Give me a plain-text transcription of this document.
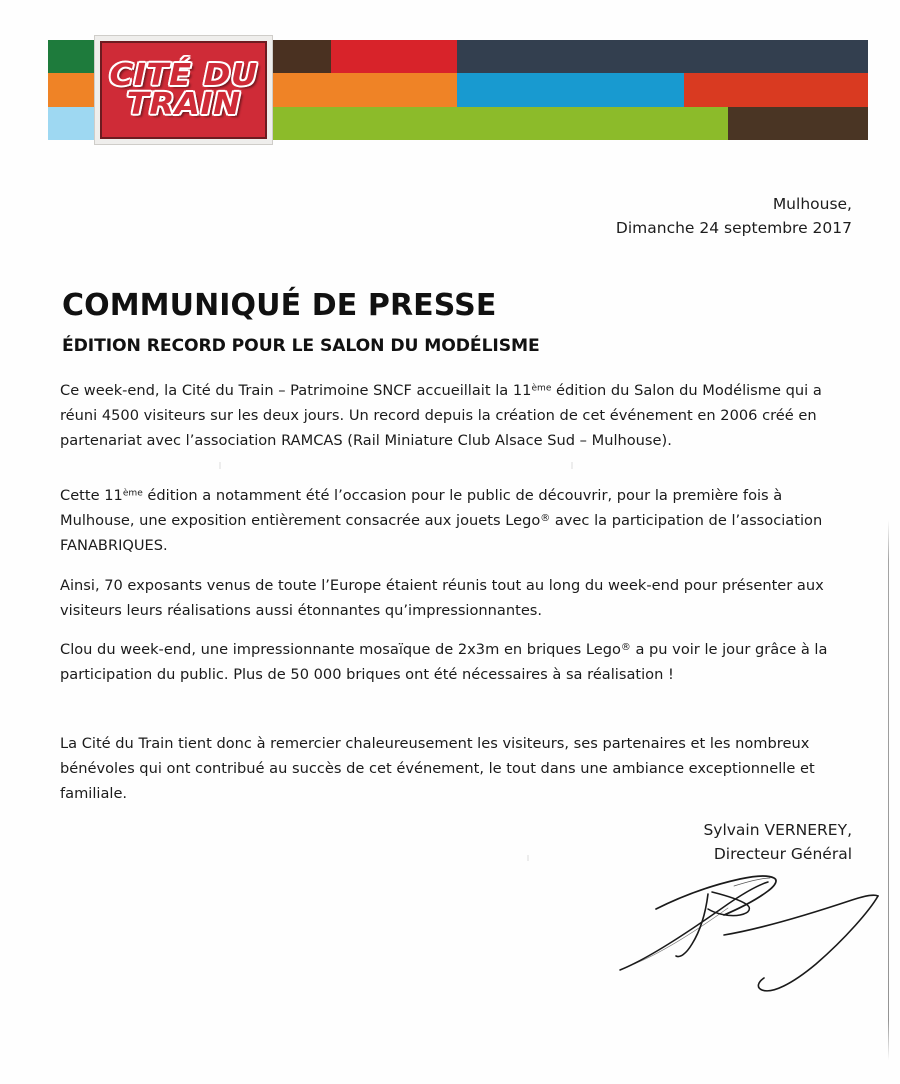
CITÉ DU
TRAIN
Mulhouse,
Dimanche 24 septembre 2017
COMMUNIQUÉ DE PRESSE
ÉDITION RECORD POUR LE SALON DU MODÉLISME

Ce week-end, la Cité du Train – Patrimoine SNCF accueillait la 11ème édition du Salon du Modélisme qui a réuni 4500 visiteurs sur les deux jours. Un record depuis la création de cet événement en 2006 créé en partenariat avec l’association RAMCAS (Rail Miniature Club Alsace Sud – Mulhouse).

Cette 11ème édition a notamment été l’occasion pour le public de découvrir, pour la première fois à Mulhouse, une exposition entièrement consacrée aux jouets Lego® avec la participation de l’association FANABRIQUES.

Ainsi, 70 exposants venus de toute l’Europe étaient réunis tout au long du week-end pour présenter aux visiteurs leurs réalisations aussi étonnantes qu’impressionnantes.

Clou du week-end, une impressionnante mosaïque de 2x3m en briques Lego® a pu voir le jour grâce à la participation du public. Plus de 50 000 briques ont été nécessaires à sa réalisation !

La Cité du Train tient donc à remercier chaleureusement les visiteurs, ses partenaires et les nombreux bénévoles qui ont contribué au succès de cet événement, le tout dans une ambiance exceptionnelle et familiale.

Sylvain VERNEREY,
Directeur Général
